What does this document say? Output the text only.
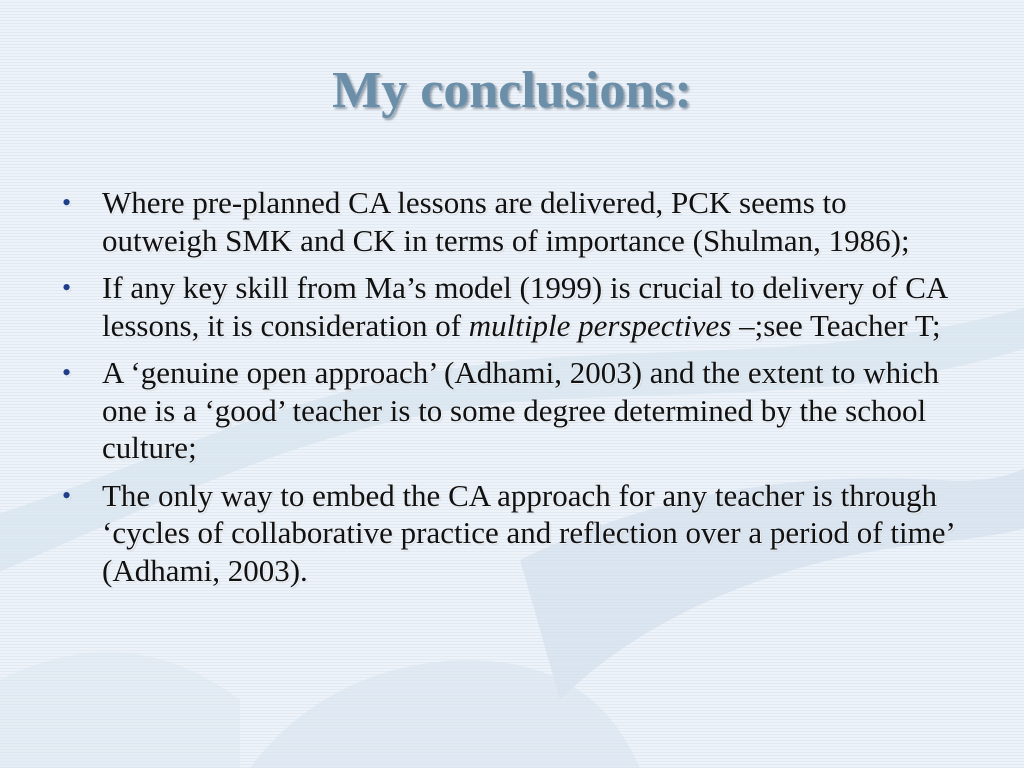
My conclusions:
• Where pre-planned CA lessons are delivered, PCK seems to outweigh SMK and CK in terms of importance (Shulman, 1986);
• If any key skill from Ma’s model (1999) is crucial to delivery of CA lessons, it is consideration of multiple perspectives –;see Teacher T;
• A ‘genuine open approach’ (Adhami, 2003) and the extent to which one is a ‘good’ teacher is to some degree determined by the school culture;
• The only way to embed the CA approach for any teacher is through ‘cycles of collaborative practice and reflection over a period of time’ (Adhami, 2003).
